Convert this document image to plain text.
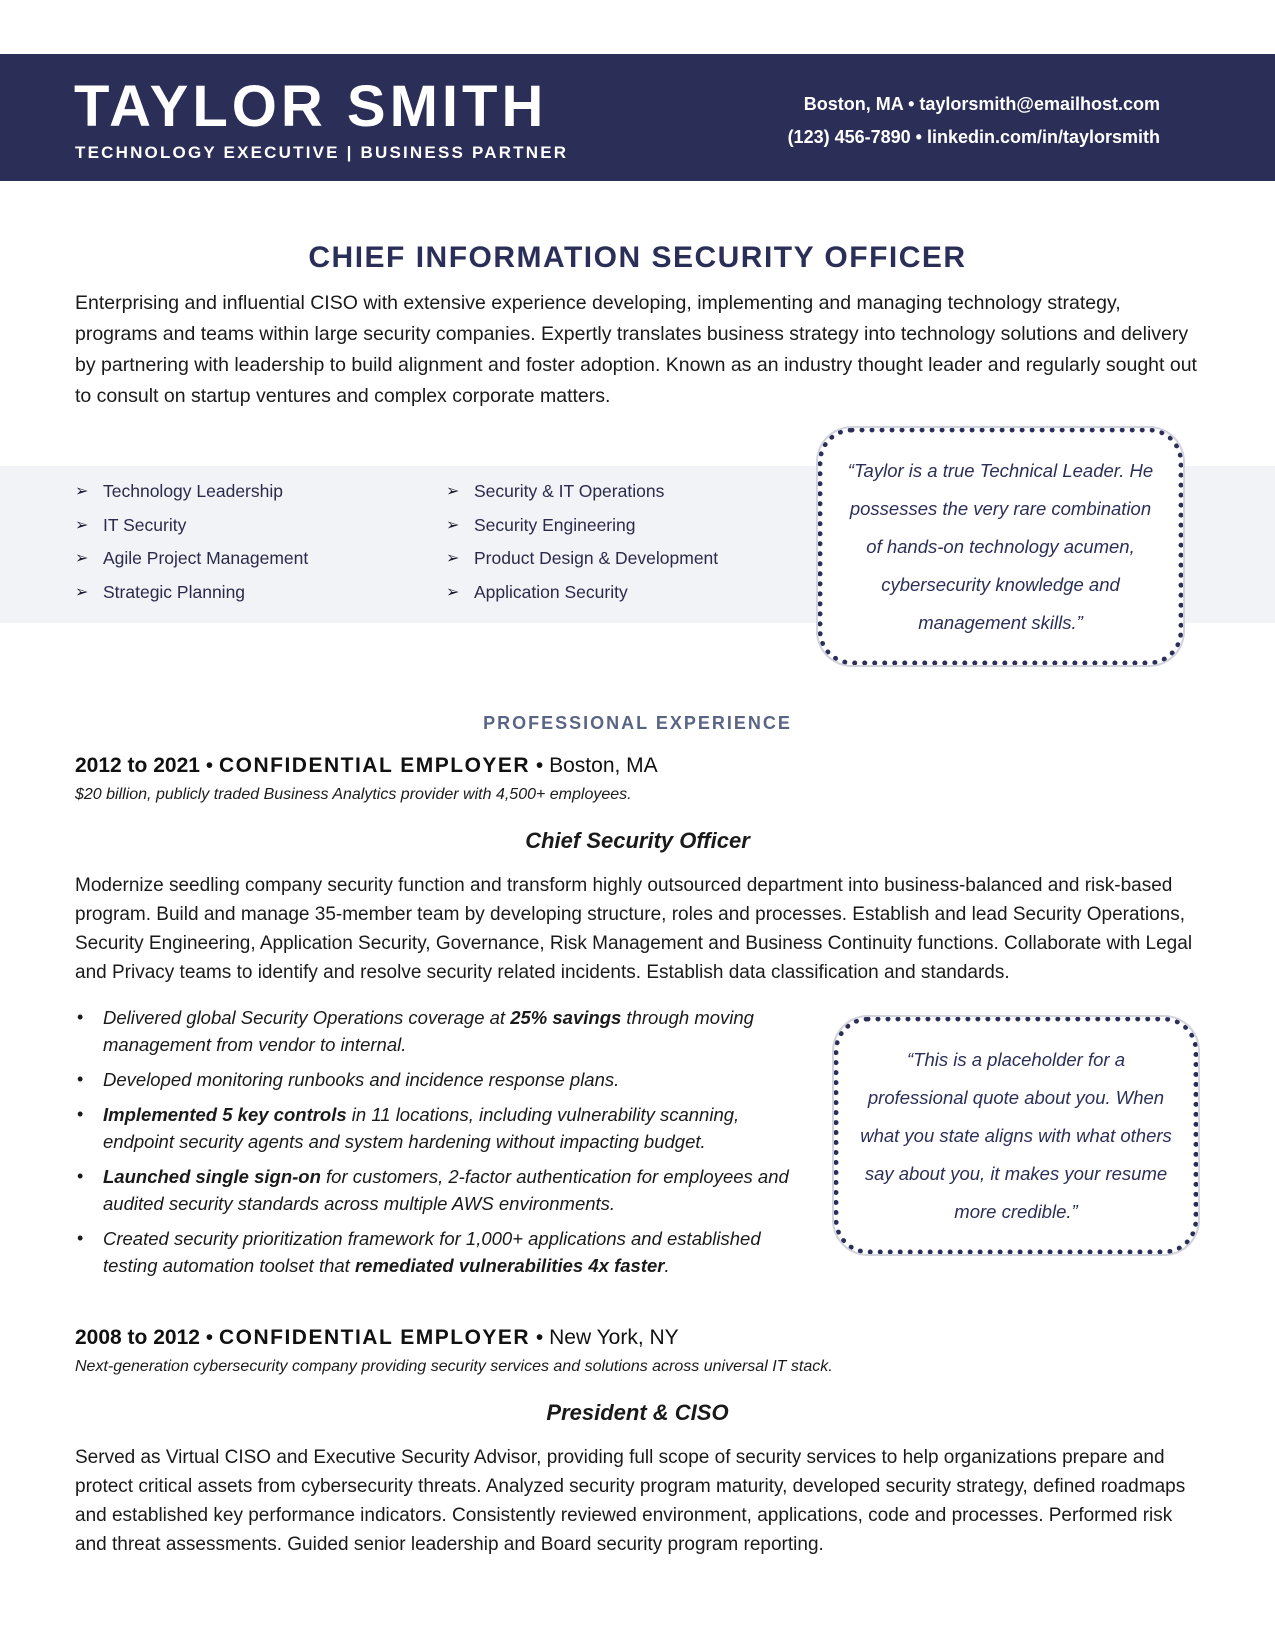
TAYLOR SMITH

TECHNOLOGY EXECUTIVE | BUSINESS PARTNER

Boston, MA • taylorsmith@emailhost.com
(123) 456-7890 • linkedin.com/in/taylorsmith
CHIEF INFORMATION SECURITY OFFICER

Enterprising and influential CISO with extensive experience developing, implementing and managing technology strategy, programs and teams within large security companies. Expertly translates business strategy into technology solutions and delivery by partnering with leadership to build alignment and foster adoption. Known as an industry thought leader and regularly sought out to consult on startup ventures and complex corporate matters.

➢ Technology Leadership
➢ IT Security
➢ Agile Project Management
➢ Strategic Planning
➢ Security & IT Operations
➢ Security Engineering
➢ Product Design & Development
➢ Application Security

“Taylor is a true Technical Leader. He possesses the very rare combination of hands-on technology acumen, cybersecurity knowledge and management skills.”

PROFESSIONAL EXPERIENCE

2012 to 2021 • CONFIDENTIAL EMPLOYER • Boston, MA

$20 billion, publicly traded Business Analytics provider with 4,500+ employees.

Chief Security Officer

Modernize seedling company security function and transform highly outsourced department into business-balanced and risk-based program. Build and manage 35-member team by developing structure, roles and processes. Establish and lead Security Operations, Security Engineering, Application Security, Governance, Risk Management and Business Continuity functions. Collaborate with Legal and Privacy teams to identify and resolve security related incidents. Establish data classification and standards.

• Delivered global Security Operations coverage at 25% savings through moving management from vendor to internal.
• Developed monitoring runbooks and incidence response plans.
• Implemented 5 key controls in 11 locations, including vulnerability scanning, endpoint security agents and system hardening without impacting budget.
• Launched single sign-on for customers, 2-factor authentication for employees and audited security standards across multiple AWS environments.
• Created security prioritization framework for 1,000+ applications and established testing automation toolset that remediated vulnerabilities 4x faster.

“This is a placeholder for a professional quote about you. When what you state aligns with what others say about you, it makes your resume more credible.”

2008 to 2012 • CONFIDENTIAL EMPLOYER • New York, NY

Next-generation cybersecurity company providing security services and solutions across universal IT stack.

President & CISO

Served as Virtual CISO and Executive Security Advisor, providing full scope of security services to help organizations prepare and protect critical assets from cybersecurity threats. Analyzed security program maturity, developed security strategy, defined roadmaps and established key performance indicators. Consistently reviewed environment, applications, code and processes. Performed risk and threat assessments. Guided senior leadership and Board security program reporting.
